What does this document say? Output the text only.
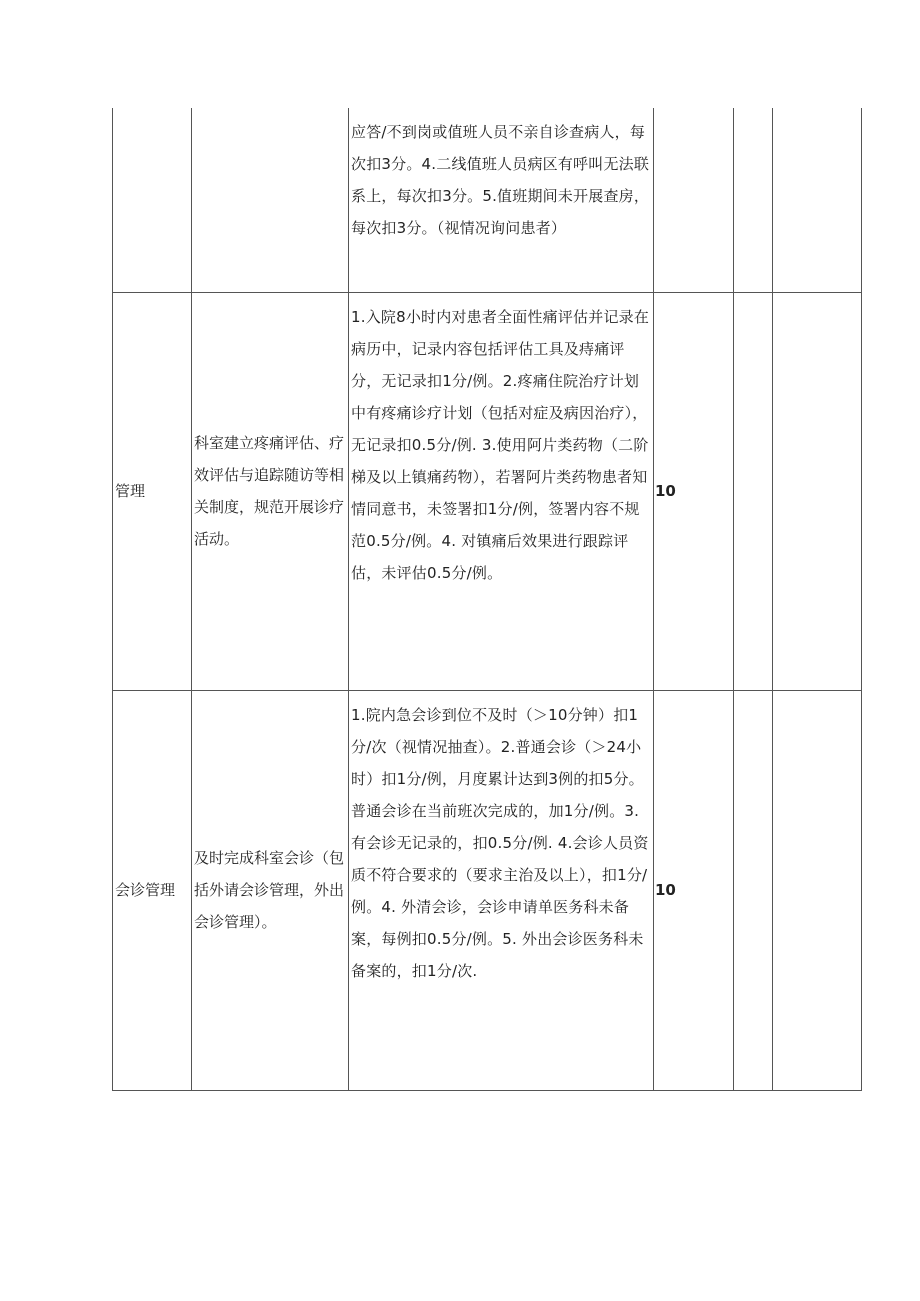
		应答/不到岗或值班人员不亲自诊查病人，每次扣3分。4.二线值班人员病区有呼叫无法联系上，每次扣3分。5.值班期间未开展查房，每次扣3分。（视情况询问患者）			
管理	科室建立疼痛评估、疗效评估与追踪随访等相关制度，规范开展诊疗活动。	1.入院8小时内对患者全面性痛评估并记录在病历中，记录内容包括评估工具及痔痛评分，无记录扣1分/例。2.疼痛住院治疗计划中有疼痛诊疗计划（包括对症及病因治疗），无记录扣0.5分/例. 3.使用阿片类药物（二阶梯及以上镇痛药物），若署阿片类药物患者知情同意书，未签署扣1分/例，签署内容不规范0.5分/例。4. 对镇痛后效果进行跟踪评估，未评估0.5分/例。	10		
会诊管理	及时完成科室会诊（包括外请会诊管理，外出会诊管理）。	1.院内急会诊到位不及时（＞10分钟）扣1分/次（视情况抽查）。2.普通会诊（＞24小时）扣1分/例，月度累计达到3例的扣5分。普通会诊在当前班次完成的，加1分/例。3.有会诊无记录的，扣0.5分/例. 4.会诊人员资质不符合要求的（要求主治及以上），扣1分/例。4. 外清会诊，会诊申请单医务科未备案，每例扣0.5分/例。5. 外出会诊医务科未备案的，扣1分/次.	10		
